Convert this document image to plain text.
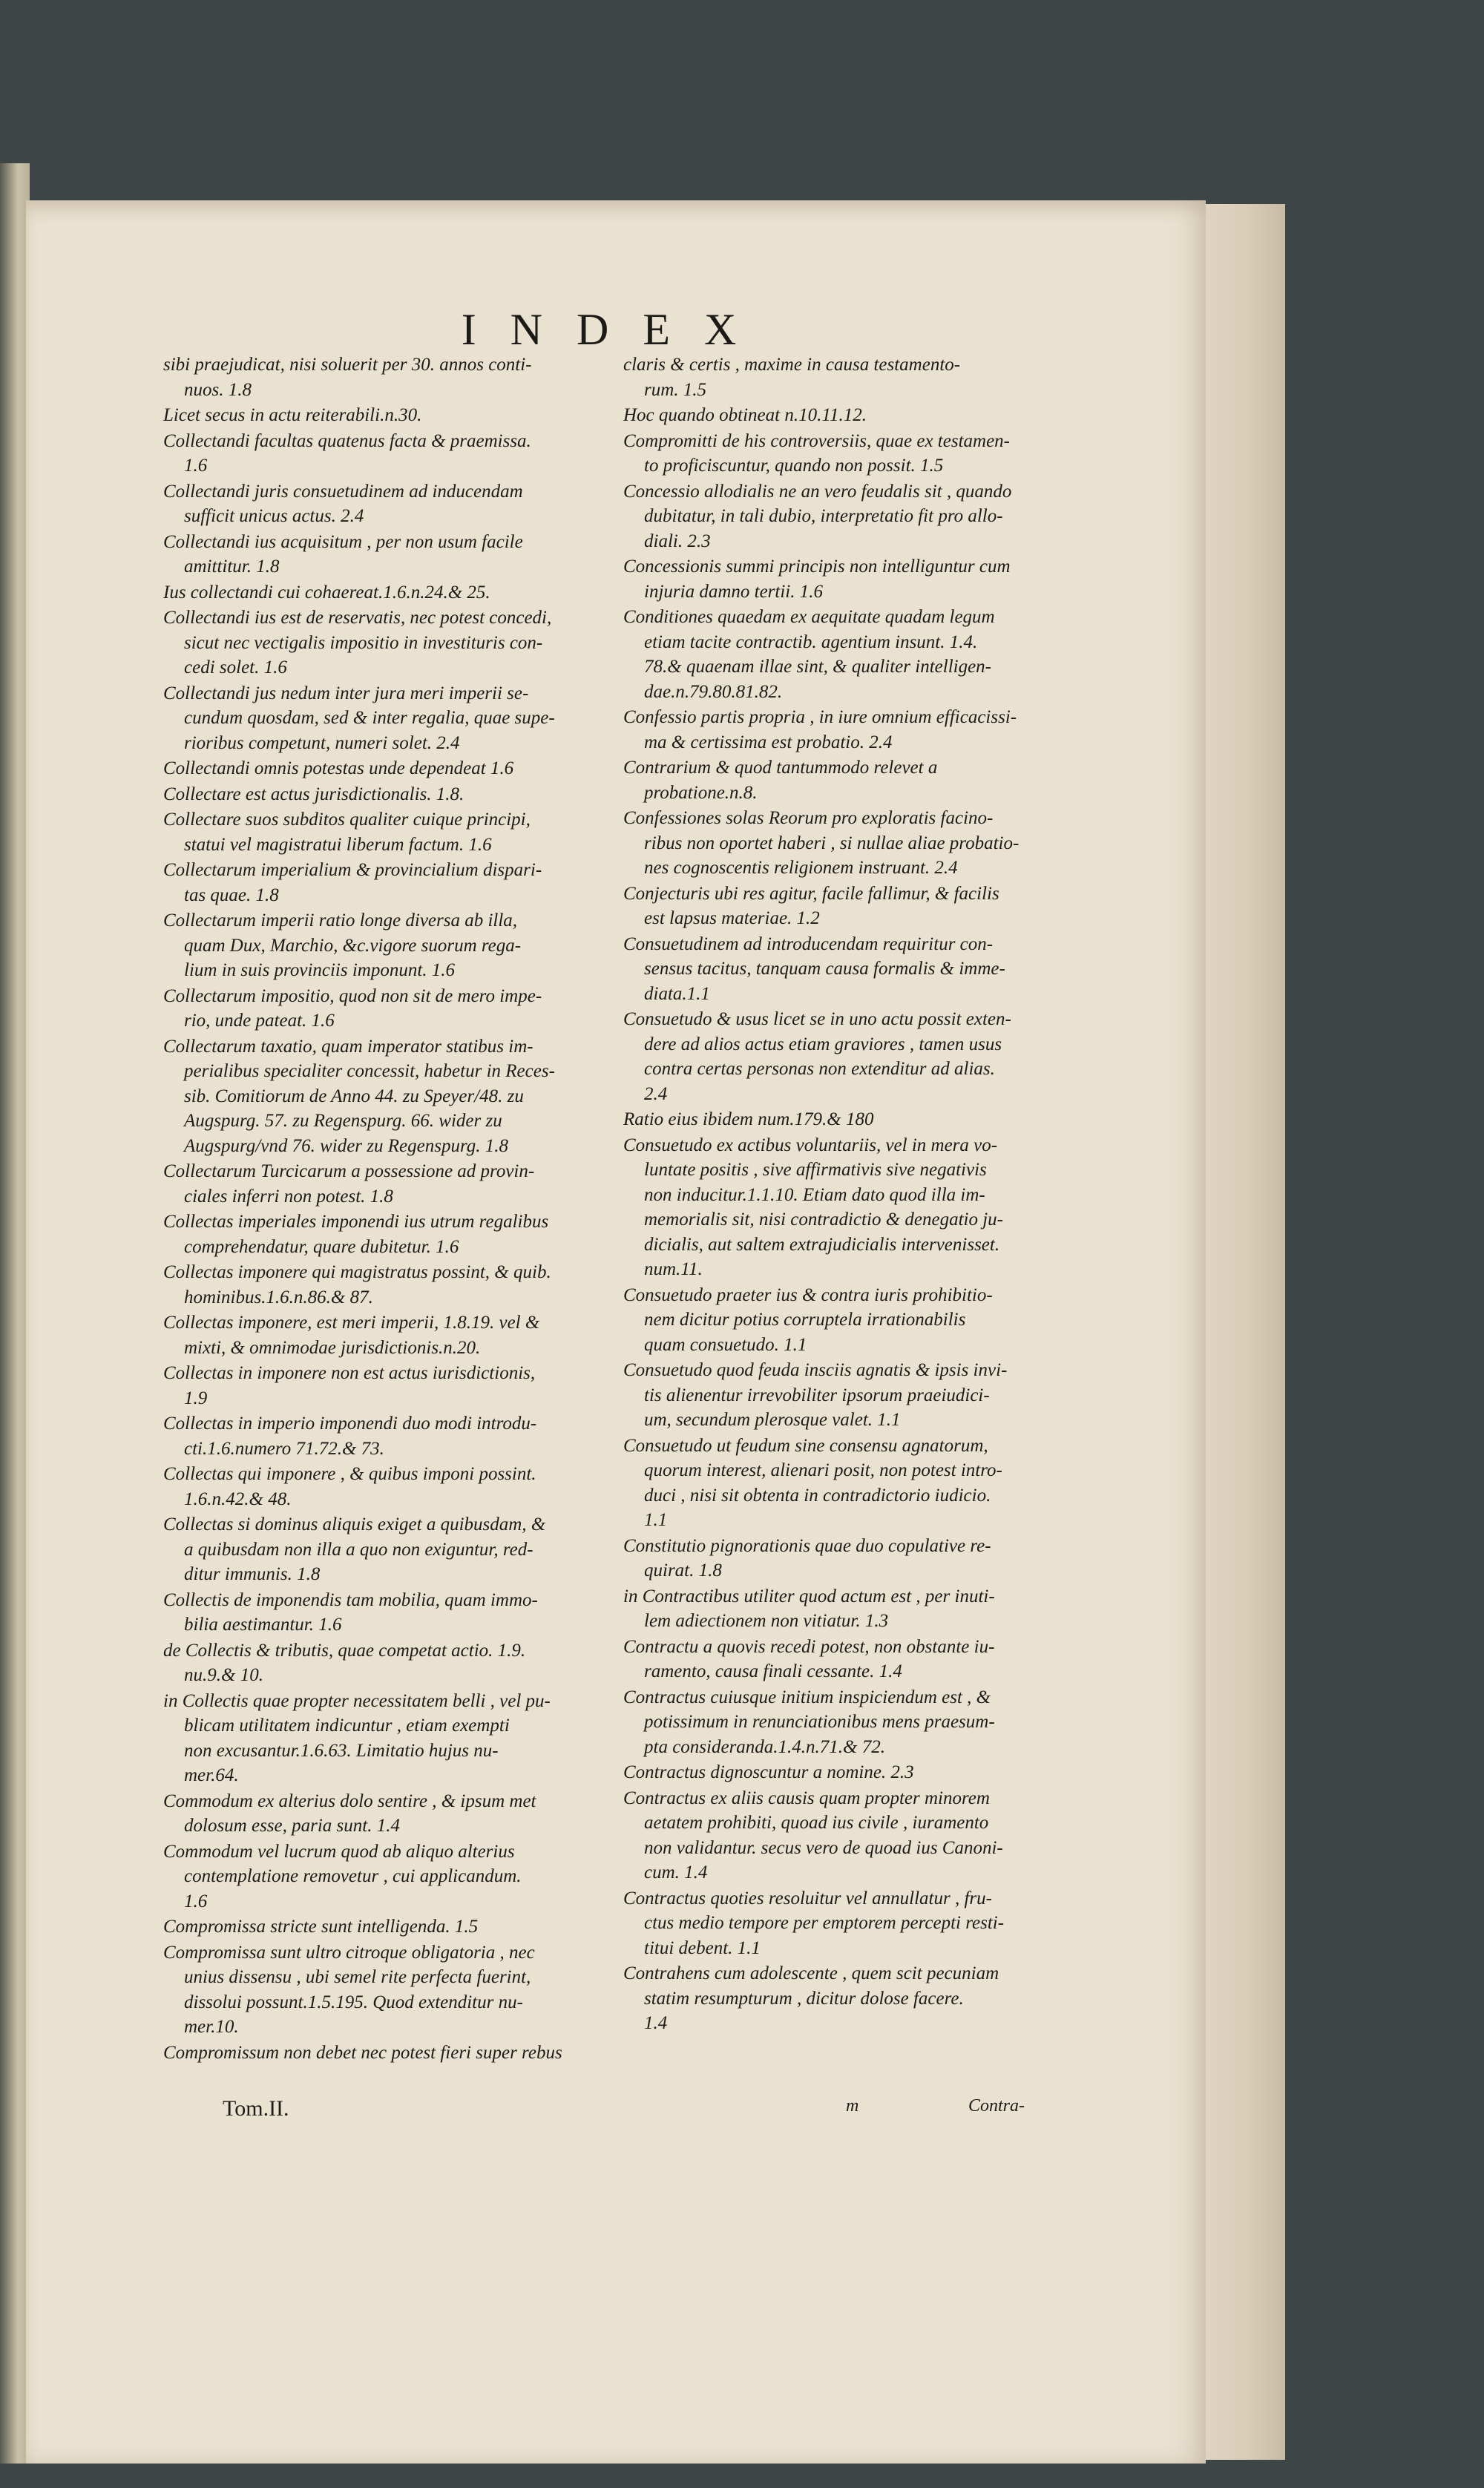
INDEX

sibi praejudicat, nisi soluerit per 30. annos conti-
nuos. 1.8

Licet secus in actu reiterabili.n.30.

Collectandi facultas quatenus facta & praemissa.
1.6

Collectandi juris consuetudinem ad inducendam
sufficit unicus actus. 2.4

Collectandi ius acquisitum , per non usum facile
amittitur. 1.8

Ius collectandi cui cohaereat.1.6.n.24.& 25.

Collectandi ius est de reservatis, nec potest concedi,
sicut nec vectigalis impositio in investituris con-
cedi solet. 1.6

Collectandi jus nedum inter jura meri imperii se-
cundum quosdam, sed & inter regalia, quae supe-
rioribus competunt, numeri solet. 2.4

Collectandi omnis potestas unde dependeat 1.6

Collectare est actus jurisdictionalis. 1.8.

Collectare suos subditos qualiter cuique principi,
statui vel magistratui liberum factum. 1.6

Collectarum imperialium & provincialium dispari-
tas quae. 1.8

Collectarum imperii ratio longe diversa ab illa,
quam Dux, Marchio, &c.vigore suorum rega-
lium in suis provinciis imponunt. 1.6

Collectarum impositio, quod non sit de mero impe-
rio, unde pateat. 1.6

Collectarum taxatio, quam imperator statibus im-
perialibus specialiter concessit, habetur in Reces-
sib. Comitiorum de Anno 44. zu Speyer/48. zu
Augspurg. 57. zu Regenspurg. 66. wider zu
Augspurg/vnd 76. wider zu Regenspurg. 1.8

Collectarum Turcicarum a possessione ad provin-
ciales inferri non potest. 1.8

Collectas imperiales imponendi ius utrum regalibus
comprehendatur, quare dubitetur. 1.6

Collectas imponere qui magistratus possint, & quib.
hominibus.1.6.n.86.& 87.

Collectas imponere, est meri imperii, 1.8.19. vel &
mixti, & omnimodae jurisdictionis.n.20.

Collectas in imponere non est actus iurisdictionis,
1.9

Collectas in imperio imponendi duo modi introdu-
cti.1.6.numero 71.72.& 73.

Collectas qui imponere , & quibus imponi possint.
1.6.n.42.& 48.

Collectas si dominus aliquis exiget a quibusdam, &
a quibusdam non illa a quo non exiguntur, red-
ditur immunis. 1.8

Collectis de imponendis tam mobilia, quam immo-
bilia aestimantur. 1.6

de Collectis & tributis, quae competat actio. 1.9.
nu.9.& 10.

in Collectis quae propter necessitatem belli , vel pu-
blicam utilitatem indicuntur , etiam exempti
non excusantur.1.6.63. Limitatio hujus nu-
mer.64.

Commodum ex alterius dolo sentire , & ipsum met
dolosum esse, paria sunt. 1.4

Commodum vel lucrum quod ab aliquo alterius
contemplatione removetur , cui applicandum.
1.6

Compromissa stricte sunt intelligenda. 1.5

Compromissa sunt ultro citroque obligatoria , nec
unius dissensu , ubi semel rite perfecta fuerint,
dissolui possunt.1.5.195. Quod extenditur nu-
mer.10.

Compromissum non debet nec potest fieri super rebus

claris & certis , maxime in causa testamento-
rum. 1.5

Hoc quando obtineat n.10.11.12.

Compromitti de his controversiis, quae ex testamen-
to proficiscuntur, quando non possit. 1.5

Concessio allodialis ne an vero feudalis sit , quando
dubitatur, in tali dubio, interpretatio fit pro allo-
diali. 2.3

Concessionis summi principis non intelliguntur cum
injuria damno tertii. 1.6

Conditiones quaedam ex aequitate quadam legum
etiam tacite contractib. agentium insunt. 1.4.
78.& quaenam illae sint, & qualiter intelligen-
dae.n.79.80.81.82.

Confessio partis propria , in iure omnium efficacissi-
ma & certissima est probatio. 2.4

Contrarium & quod tantummodo relevet a
probatione.n.8.

Confessiones solas Reorum pro exploratis facino-
ribus non oportet haberi , si nullae aliae probatio-
nes cognoscentis religionem instruant. 2.4

Conjecturis ubi res agitur, facile fallimur, & facilis
est lapsus materiae. 1.2

Consuetudinem ad introducendam requiritur con-
sensus tacitus, tanquam causa formalis & imme-
diata.1.1

Consuetudo & usus licet se in uno actu possit exten-
dere ad alios actus etiam graviores , tamen usus
contra certas personas non extenditur ad alias.
2.4

Ratio eius ibidem num.179.& 180

Consuetudo ex actibus voluntariis, vel in mera vo-
luntate positis , sive affirmativis sive negativis
non inducitur.1.1.10. Etiam dato quod illa im-
memorialis sit, nisi contradictio & denegatio ju-
dicialis, aut saltem extrajudicialis intervenisset.
num.11.

Consuetudo praeter ius & contra iuris prohibitio-
nem dicitur potius corruptela irrationabilis
quam consuetudo. 1.1

Consuetudo quod feuda insciis agnatis & ipsis invi-
tis alienentur irrevobiliter ipsorum praeiudici-
um, secundum plerosque valet. 1.1

Consuetudo ut feudum sine consensu agnatorum,
quorum interest, alienari posit, non potest intro-
duci , nisi sit obtenta in contradictorio iudicio.
1.1

Constitutio pignorationis quae duo copulative re-
quirat. 1.8

in Contractibus utiliter quod actum est , per inuti-
lem adiectionem non vitiatur. 1.3

Contractu a quovis recedi potest, non obstante iu-
ramento, causa finali cessante. 1.4

Contractus cuiusque initium inspiciendum est , &
potissimum in renunciationibus mens praesum-
pta consideranda.1.4.n.71.& 72.

Contractus dignoscuntur a nomine. 2.3

Contractus ex aliis causis quam propter minorem
aetatem prohibiti, quoad ius civile , iuramento
non validantur. secus vero de quoad ius Canoni-
cum. 1.4

Contractus quoties resoluitur vel annullatur , fru-
ctus medio tempore per emptorem percepti resti-
titui debent. 1.1

Contrahens cum adolescente , quem scit pecuniam
statim resumpturum , dicitur dolose facere.
1.4

Tom.II.	m	Contra-
